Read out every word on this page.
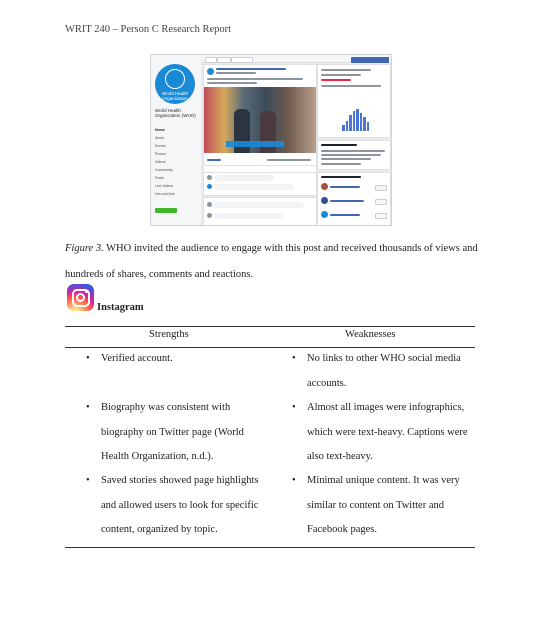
WRIT 240 – Person C Research Report
World Health Organization
World Health Organization (WHO)
Home
About
Events
Photos
Videos
Community
Posts
Live Videos
Info and Ads
Figure 3. WHO invited the audience to engage with this post and received thousands of views and hundreds of shares, comments and reactions.
Instagram
Strengths	Weaknesses
• Verified account.
• Biography was consistent with biography on Twitter page (World Health Organization, n.d.).
• Saved stories showed page highlights and allowed users to look for specific content, organized by topic.
• No links to other WHO social media accounts.
• Almost all images were infographics, which were text-heavy. Captions were also text-heavy.
• Minimal unique content. It was very similar to content on Twitter and Facebook pages.
